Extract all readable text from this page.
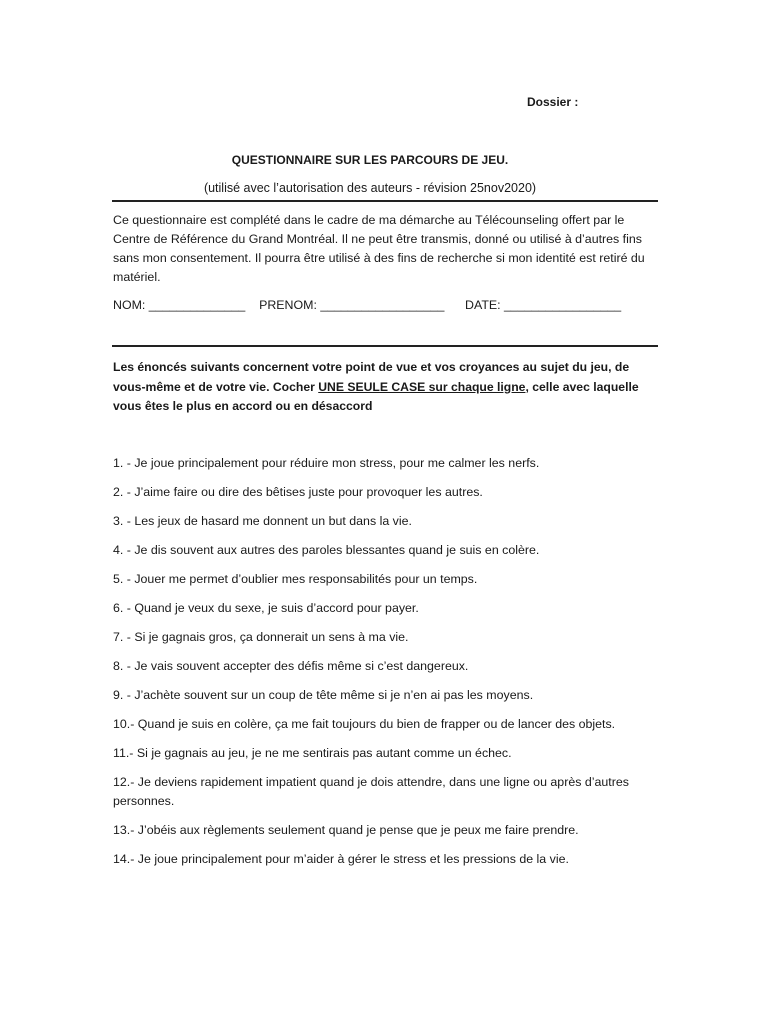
Dossier :
QUESTIONNAIRE SUR LES PARCOURS DE JEU.
(utilisé avec l’autorisation des auteurs - révision 25nov2020)
Ce questionnaire est complété dans le cadre de ma démarche au Télécounseling offert par le Centre de Référence du Grand Montréal. Il ne peut être transmis, donné ou utilisé à d’autres fins sans mon consentement. Il pourra être utilisé à des fins de recherche si mon identité est retiré du matériel.
NOM: ______________ PRENOM: __________________ DATE: _________________
Les énoncés suivants concernent votre point de vue et vos croyances au sujet du jeu, de vous-même et de votre vie. Cocher UNE SEULE CASE sur chaque ligne, celle avec laquelle vous êtes le plus en accord ou en désaccord
1. - Je joue principalement pour réduire mon stress, pour me calmer les nerfs.
2. - J’aime faire ou dire des bêtises juste pour provoquer les autres.
3. - Les jeux de hasard me donnent un but dans la vie.
4. - Je dis souvent aux autres des paroles blessantes quand je suis en colère.
5. - Jouer me permet d’oublier mes responsabilités pour un temps.
6. - Quand je veux du sexe, je suis d’accord pour payer.
7. - Si je gagnais gros, ça donnerait un sens à ma vie.
8. - Je vais souvent accepter des défis même si c’est dangereux.
9. - J’achète souvent sur un coup de tête même si je n’en ai pas les moyens.
10.- Quand je suis en colère, ça me fait toujours du bien de frapper ou de lancer des objets.
11.- Si je gagnais au jeu, je ne me sentirais pas autant comme un échec.
12.- Je deviens rapidement impatient quand je dois attendre, dans une ligne ou après d’autres personnes.
13.- J’obéis aux règlements seulement quand je pense que je peux me faire prendre.
14.- Je joue principalement pour m’aider à gérer le stress et les pressions de la vie.
